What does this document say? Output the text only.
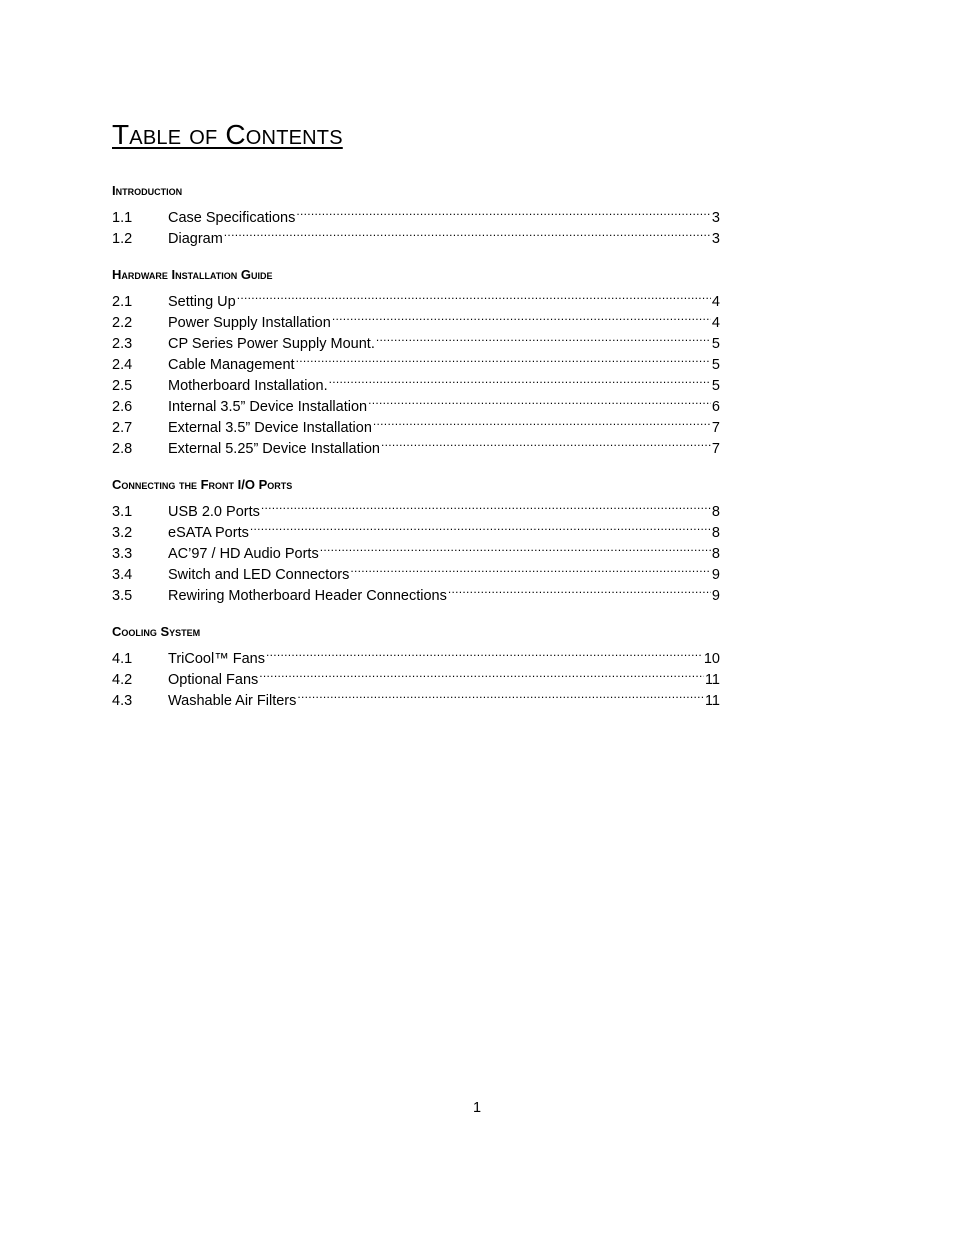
Table of Contents
Introduction
1.1	Case Specifications .....	3
1.2	Diagram .....	3
Hardware Installation Guide
2.1	Setting Up .....	4
2.2	Power Supply Installation .....	4
2.3	CP Series Power Supply Mount. .....	5
2.4	Cable Management .....	5
2.5	Motherboard Installation. .....	5
2.6	Internal 3.5” Device Installation .....	6
2.7	External 3.5” Device Installation .....	7
2.8	External 5.25” Device Installation .....	7
Connecting the Front I/O Ports
3.1	USB 2.0 Ports .....	8
3.2	eSATA Ports .....	8
3.3	AC’97 / HD Audio Ports .....	8
3.4	Switch and LED Connectors .....	9
3.5	Rewiring Motherboard Header Connections .....	9
Cooling System
4.1	TriCool™ Fans .....	10
4.2	Optional Fans .....	11
4.3	Washable Air Filters .....	11
1
